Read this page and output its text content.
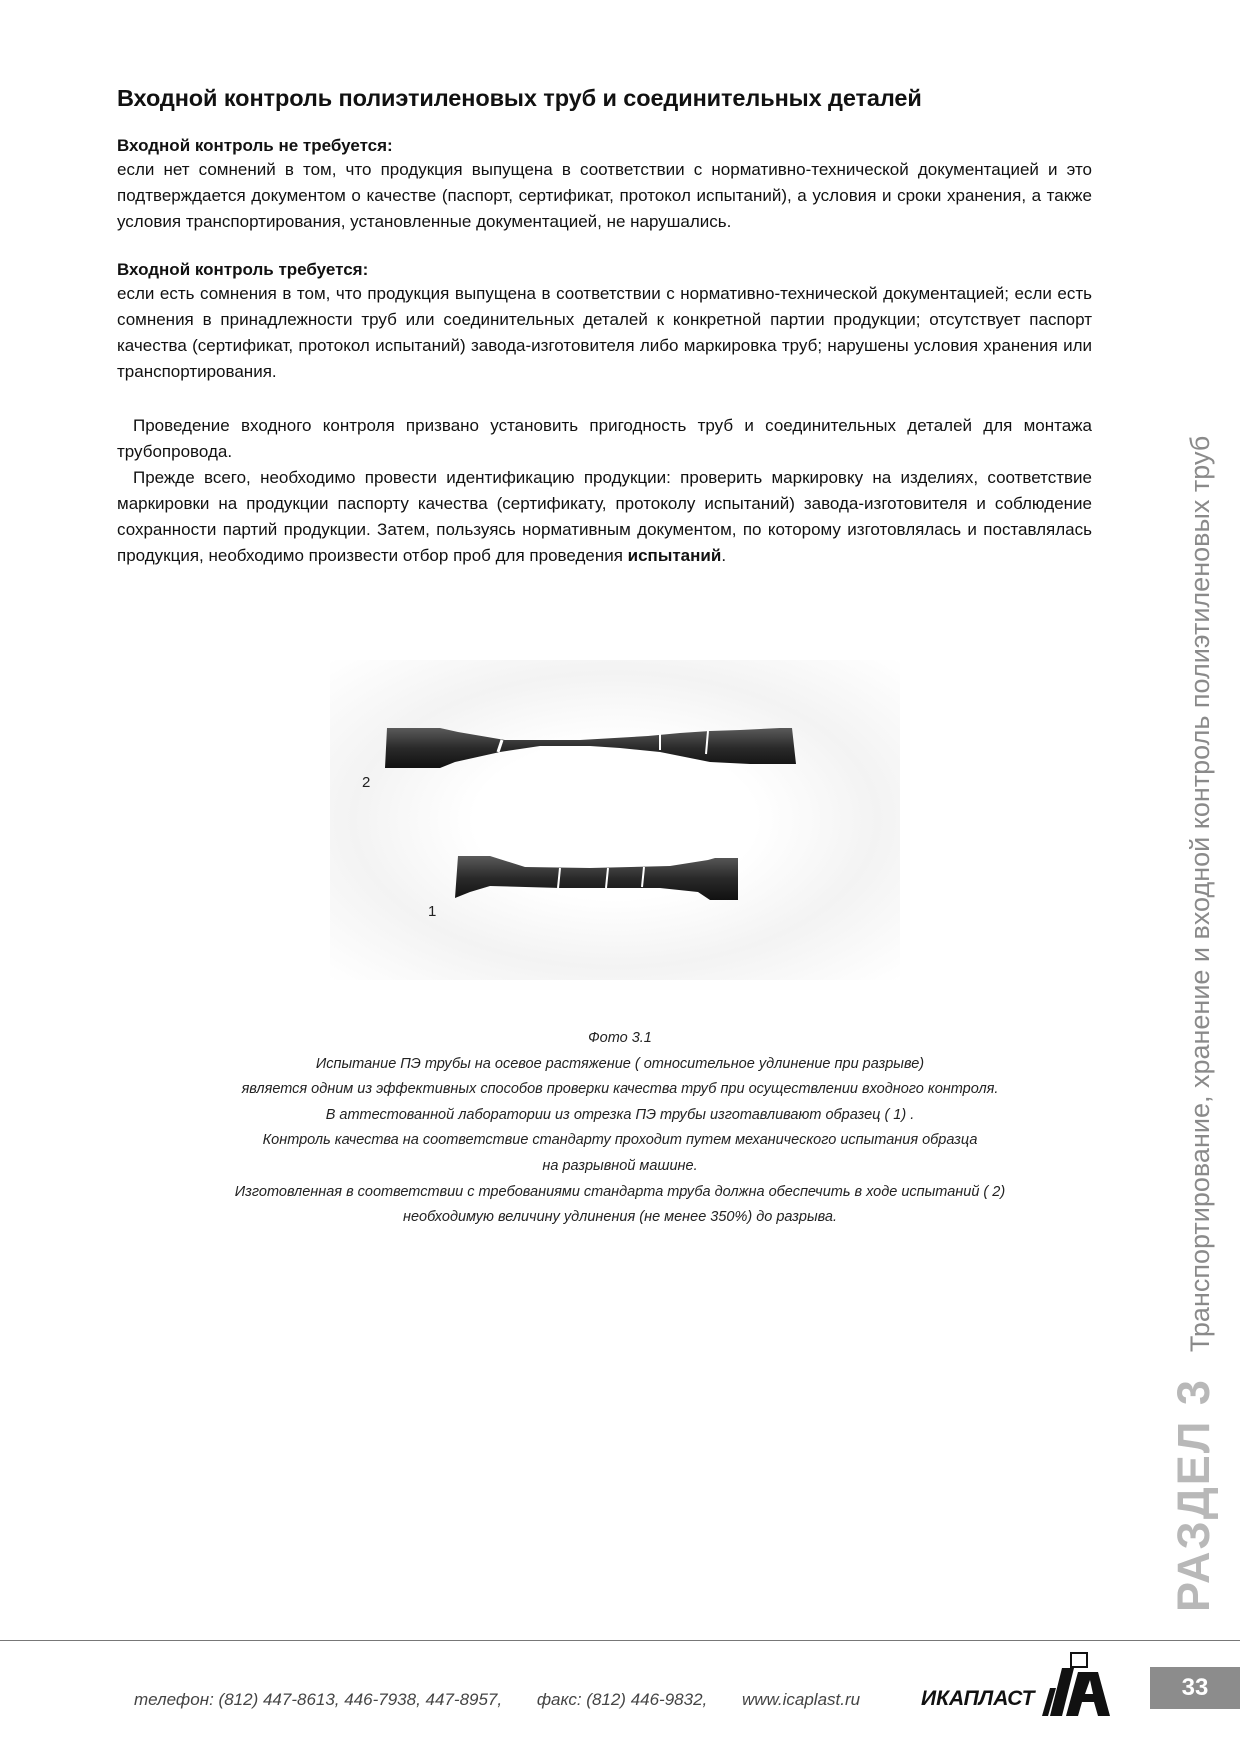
Входной контроль полиэтиленовых труб и соединительных деталей
Входной контроль не требуется:

если нет сомнений в том, что продукция выпущена в соответствии с нормативно-технической документацией и это подтверждается документом о качестве (паспорт, сертификат, протокол испытаний), а условия и сроки хранения, а также условия транспортирования, установленные документацией, не нарушались.

Входной контроль требуется:

если есть сомнения в том, что продукция выпущена в соответствии с нормативно-технической документацией; если есть сомнения в принадлежности труб или соединительных деталей к конкретной партии продукции; отсутствует паспорт качества (сертификат, протокол испытаний) завода-изготовителя либо маркировка труб; нарушены условия хранения или транспортирования.

Проведение входного контроля призвано установить пригодность труб и соединительных деталей для монтажа трубопровода.

Прежде всего, необходимо провести идентификацию продукции: проверить маркировку на изделиях, соответствие маркировки на продукции паспорту качества (сертификату, протоколу испытаний) завода-изготовителя и соблюдение сохранности партий продукции. Затем, пользуясь нормативным документом, по которому изготовлялась и поставлялась продукция, необходимо произвести отбор проб для проведения испытаний.

2
1
Фото 3.1
Испытание ПЭ трубы на осевое растяжение ( относительное удлинение при разрыве)
является одним из эффективных способов проверки качества труб при осуществлении входного контроля.
В аттестованной лаборатории из отрезка ПЭ трубы изготавливают образец ( 1) .
Контроль качества на соответствие стандарту проходит путем механического испытания образца
на разрывной машине.
Изготовленная в соответствии с требованиями стандарта труба должна обеспечить в ходе испытаний ( 2)
необходимую величину удлинения (не менее 350%) до разрыва.
РАЗДЕЛ 3Транспортирование, хранение и входной контроль полиэтиленовых труб
телефон: (812) 447-8613, 446-7938, 447-8957, факс: (812) 446-9832, www.icaplast.ru	ИКАПЛАСТ	33
